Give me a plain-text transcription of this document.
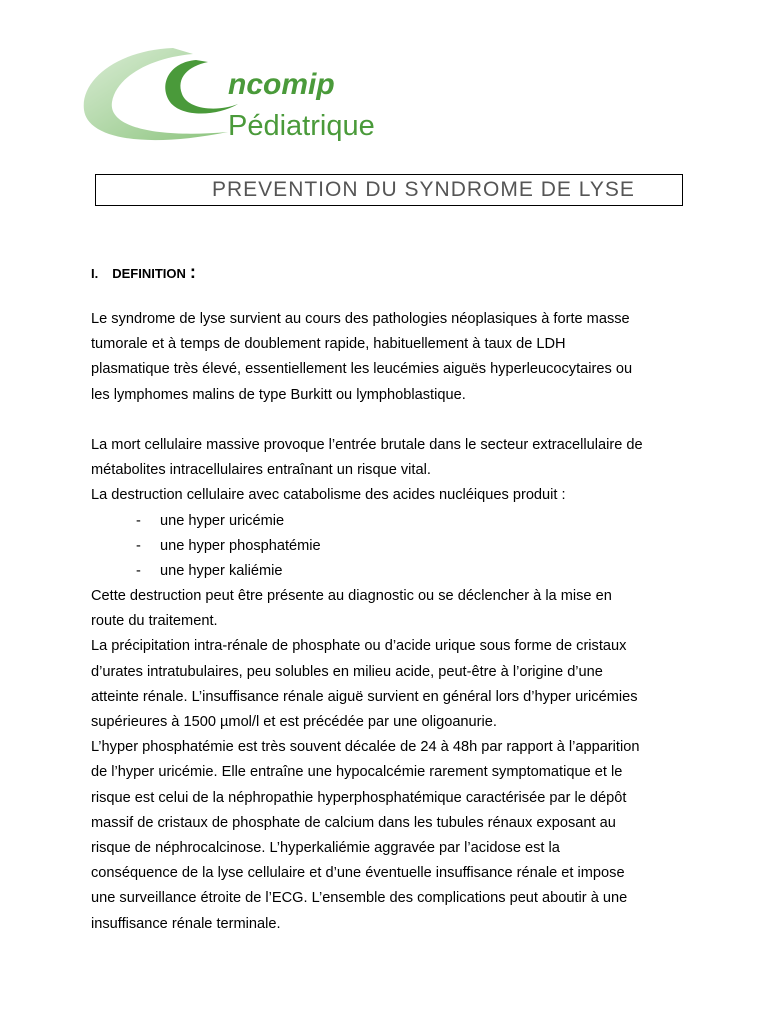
ncomip
Pédiatrique
PREVENTION DU SYNDROME DE LYSE
I. DEFINITION :
Le syndrome de lyse survient au cours des pathologies néoplasiques à forte masse
tumorale et à temps de doublement rapide, habituellement à taux de LDH
plasmatique très élevé, essentiellement les leucémies aiguës hyperleucocytaires ou
les lymphomes malins de type Burkitt ou lymphoblastique.
La mort cellulaire massive provoque l’entrée brutale dans le secteur extracellulaire de
métabolites intracellulaires entraînant un risque vital.
La destruction cellulaire avec catabolisme des acides nucléiques produit :
- une hyper uricémie
- une hyper phosphatémie
- une hyper kaliémie
Cette destruction peut être présente au diagnostic ou se déclencher à la mise en
route du traitement.
La précipitation intra-rénale de phosphate ou d’acide urique sous forme de cristaux
d’urates intratubulaires, peu solubles en milieu acide, peut-être à l’origine d’une
atteinte rénale. L’insuffisance rénale aiguë survient en général lors d’hyper uricémies
supérieures à 1500 µmol/l et est précédée par une oligoanurie.
L’hyper phosphatémie est très souvent décalée de 24 à 48h par rapport à l’apparition
de l’hyper uricémie. Elle entraîne une hypocalcémie rarement symptomatique et le
risque est celui de la néphropathie hyperphosphatémique caractérisée par le dépôt
massif de cristaux de phosphate de calcium dans les tubules rénaux exposant au
risque de néphrocalcinose. L’hyperkaliémie aggravée par l’acidose est la
conséquence de la lyse cellulaire et d’une éventuelle insuffisance rénale et impose
une surveillance étroite de l’ECG. L’ensemble des complications peut aboutir à une
insuffisance rénale terminale.
